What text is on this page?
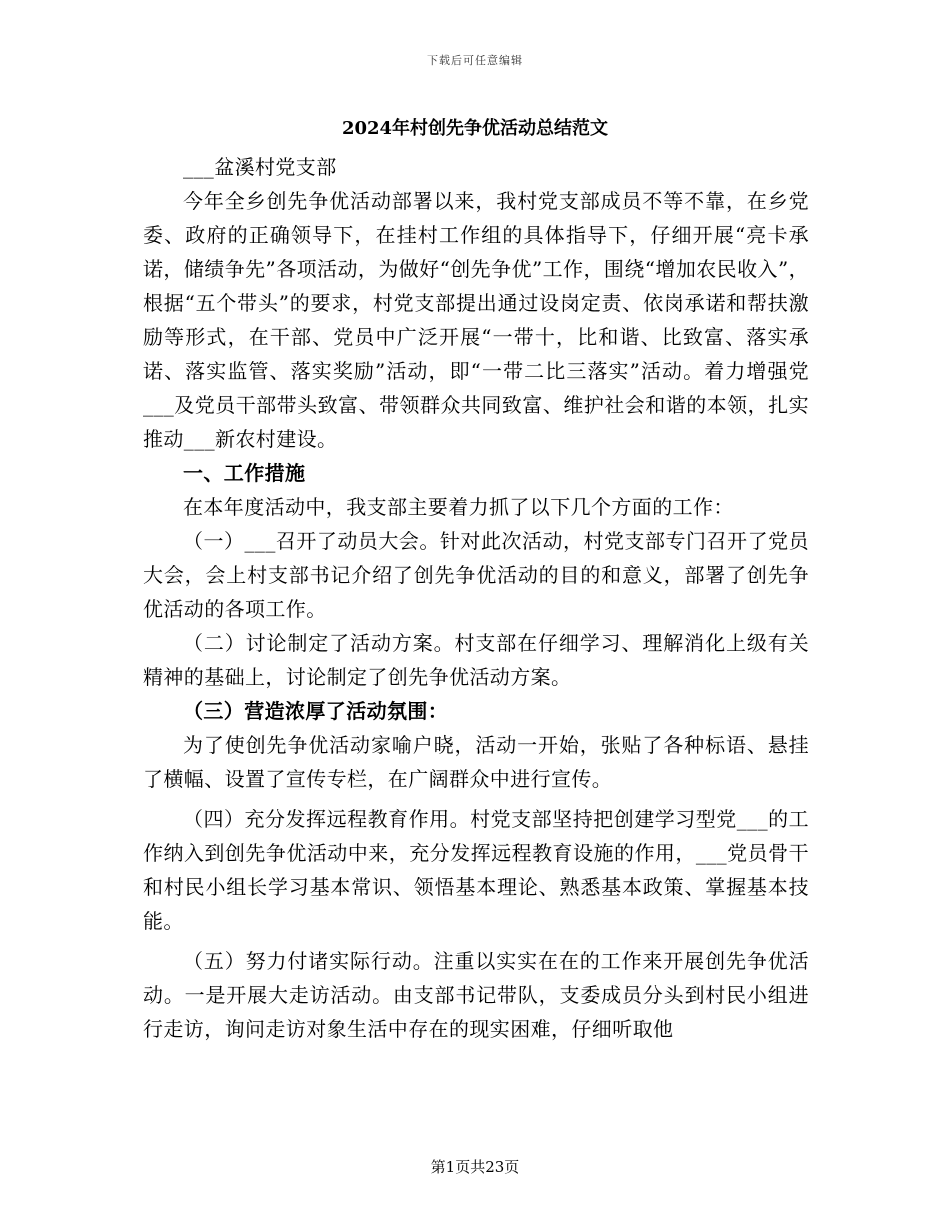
下载后可任意编辑
2024年村创先争优活动总结范文

___盆溪村党支部

今年全乡创先争优活动部署以来，我村党支部成员不等不靠，在乡党委、政府的正确领导下，在挂村工作组的具体指导下，仔细开展“亮卡承诺，储绩争先”各项活动，为做好“创先争优”工作，围绕“增加农民收入”，根据“五个带头”的要求，村党支部提出通过设岗定责、依岗承诺和帮扶激励等形式，在干部、党员中广泛开展“一带十，比和谐、比致富、落实承诺、落实监管、落实奖励”活动，即“一带二比三落实”活动。着力增强党___及党员干部带头致富、带领群众共同致富、维护社会和谐的本领，扎实推动___新农村建设。

一、工作措施

在本年度活动中，我支部主要着力抓了以下几个方面的工作：

（一）___召开了动员大会。针对此次活动，村党支部专门召开了党员大会，会上村支部书记介绍了创先争优活动的目的和意义，部署了创先争优活动的各项工作。

（二）讨论制定了活动方案。村支部在仔细学习、理解消化上级有关精神的基础上，讨论制定了创先争优活动方案。

（三）营造浓厚了活动氛围：

为了使创先争优活动家喻户晓，活动一开始，张贴了各种标语、悬挂了横幅、设置了宣传专栏，在广阔群众中进行宣传。

（四）充分发挥远程教育作用。村党支部坚持把创建学习型党___的工作纳入到创先争优活动中来，充分发挥远程教育设施的作用，___党员骨干和村民小组长学习基本常识、领悟基本理论、熟悉基本政策、掌握基本技能。

（五）努力付诸实际行动。注重以实实在在的工作来开展创先争优活动。一是开展大走访活动。由支部书记带队，支委成员分头到村民小组进行走访，询问走访对象生活中存在的现实困难，仔细听取他

第1页共23页
